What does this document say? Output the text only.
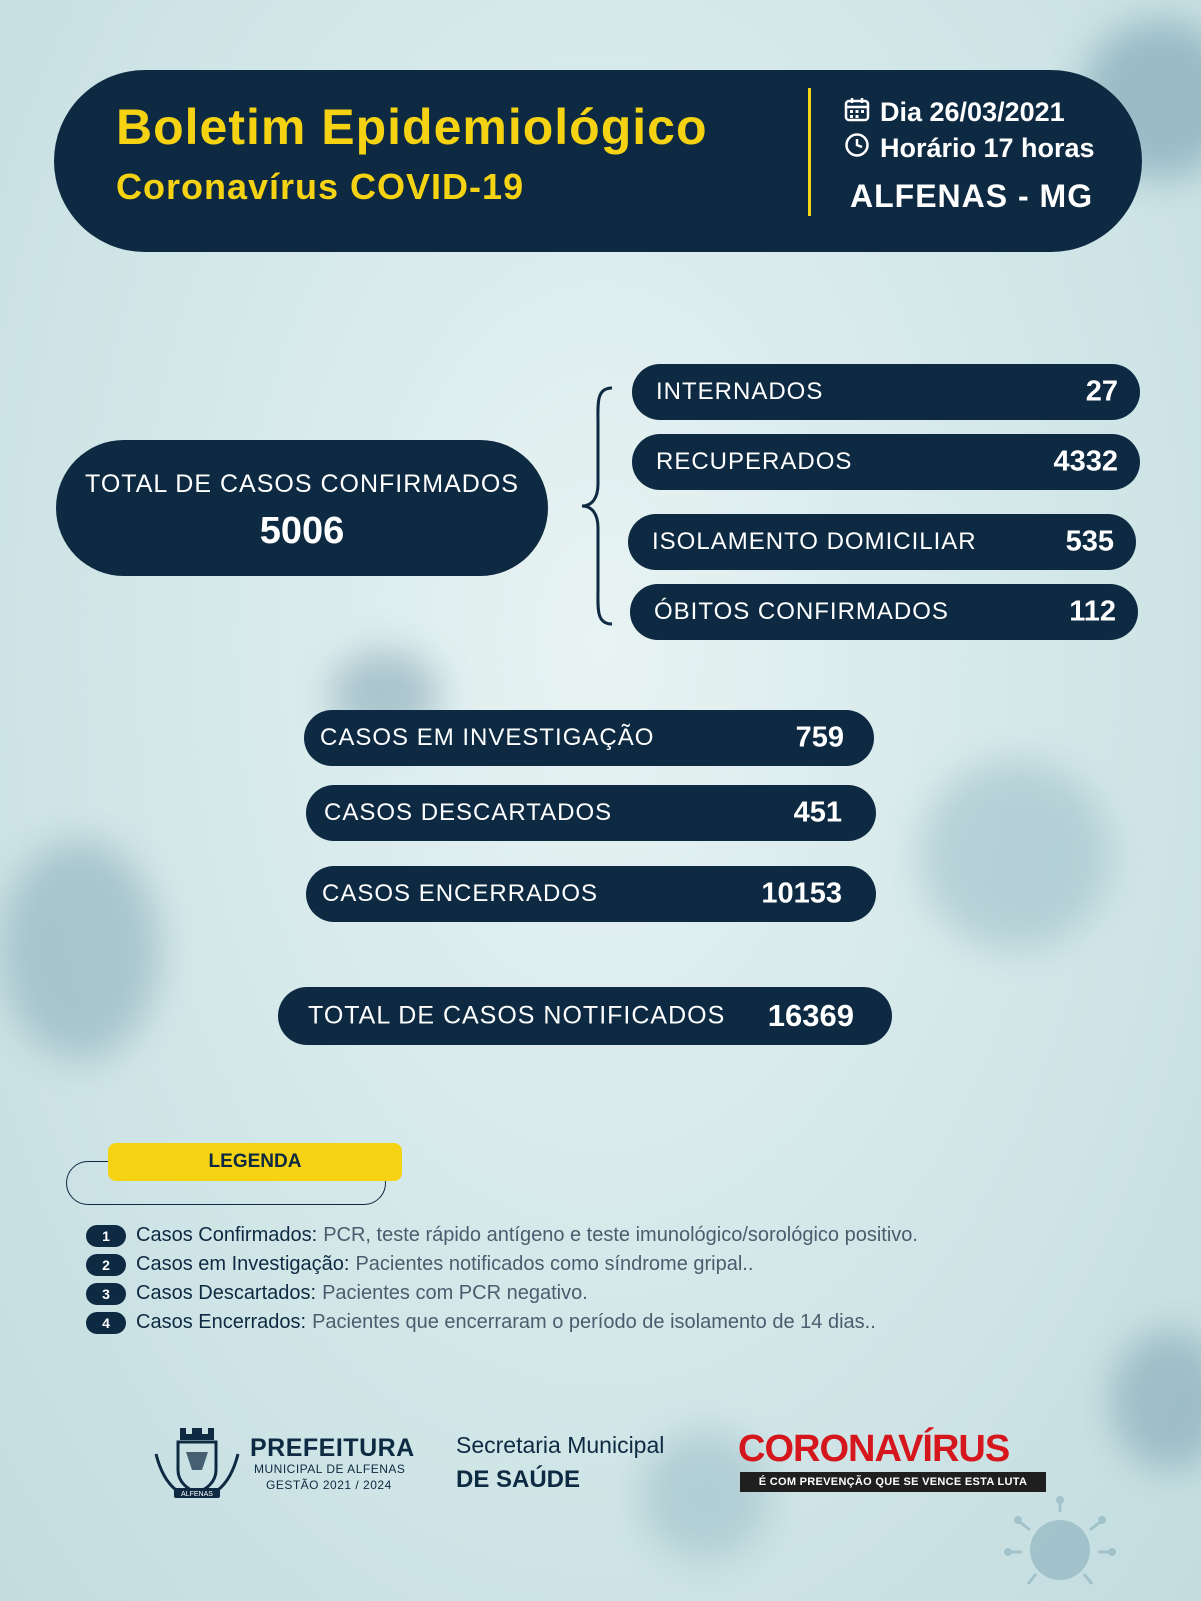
Boletim Epidemiológico
Coronavírus COVID-19
Dia 26/03/2021
Horário 17 horas
ALFENAS - MG
TOTAL DE CASOS CONFIRMADOS
5006
INTERNADOS	27
RECUPERADOS	4332
ISOLAMENTO DOMICILIAR	535
ÓBITOS CONFIRMADOS	112
CASOS EM INVESTIGAÇÃO	759
CASOS DESCARTADOS	451
CASOS ENCERRADOS	10153
TOTAL DE CASOS NOTIFICADOS 16369
LEGENDA
1	Casos Confirmados: PCR, teste rápido antígeno e teste imunológico/sorológico positivo.
2	Casos em Investigação: Pacientes notificados como síndrome gripal..
3	Casos Descartados: Pacientes com PCR negativo.
4	Casos Encerrados: Pacientes que encerraram o período de isolamento de 14 dias..
ALFENAS
PREFEITURA
MUNICIPAL DE ALFENAS
GESTÃO 2021 / 2024
Secretaria Municipal
DE SAÚDE
CORONAVÍRUS
É COM PREVENÇÃO QUE SE VENCE ESTA LUTA
